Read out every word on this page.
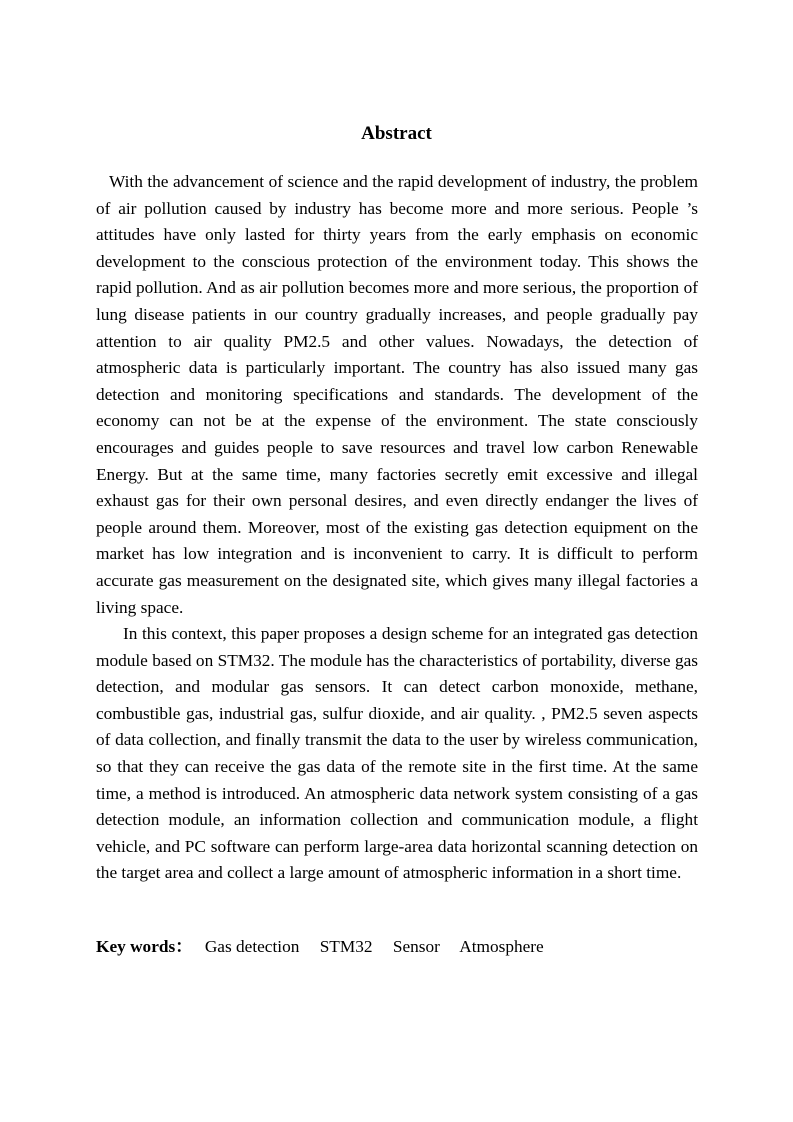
Abstract

With the advancement of science and the rapid development of industry, the problem of air pollution caused by industry has become more and more serious. People ’s attitudes have only lasted for thirty years from the early emphasis on economic development to the conscious protection of the environment today. This shows the rapid pollution. And as air pollution becomes more and more serious, the proportion of lung disease patients in our country gradually increases, and people gradually pay attention to air quality PM2.5 and other values. Nowadays, the detection of atmospheric data is particularly important. The country has also issued many gas detection and monitoring specifications and standards. The development of the economy can not be at the expense of the environment. The state consciously encourages and guides people to save resources and travel low carbon Renewable Energy. But at the same time, many factories secretly emit excessive and illegal exhaust gas for their own personal desires, and even directly endanger the lives of people around them. Moreover, most of the existing gas detection equipment on the market has low integration and is inconvenient to carry. It is difficult to perform accurate gas measurement on the designated site, which gives many illegal factories a living space.

In this context, this paper proposes a design scheme for an integrated gas detection module based on STM32. The module has the characteristics of portability, diverse gas detection, and modular gas sensors. It can detect carbon monoxide, methane, combustible gas, industrial gas, sulfur dioxide, and air quality. , PM2.5 seven aspects of data collection, and finally transmit the data to the user by wireless communication, so that they can receive the gas data of the remote site in the first time. At the same time, a method is introduced. An atmospheric data network system consisting of a gas detection module, an information collection and communication module, a flight vehicle, and PC software can perform large-area data horizontal scanning detection on the target area and collect a large amount of atmospheric information in a short time.

Key words： Gas detection STM32 Sensor Atmosphere
